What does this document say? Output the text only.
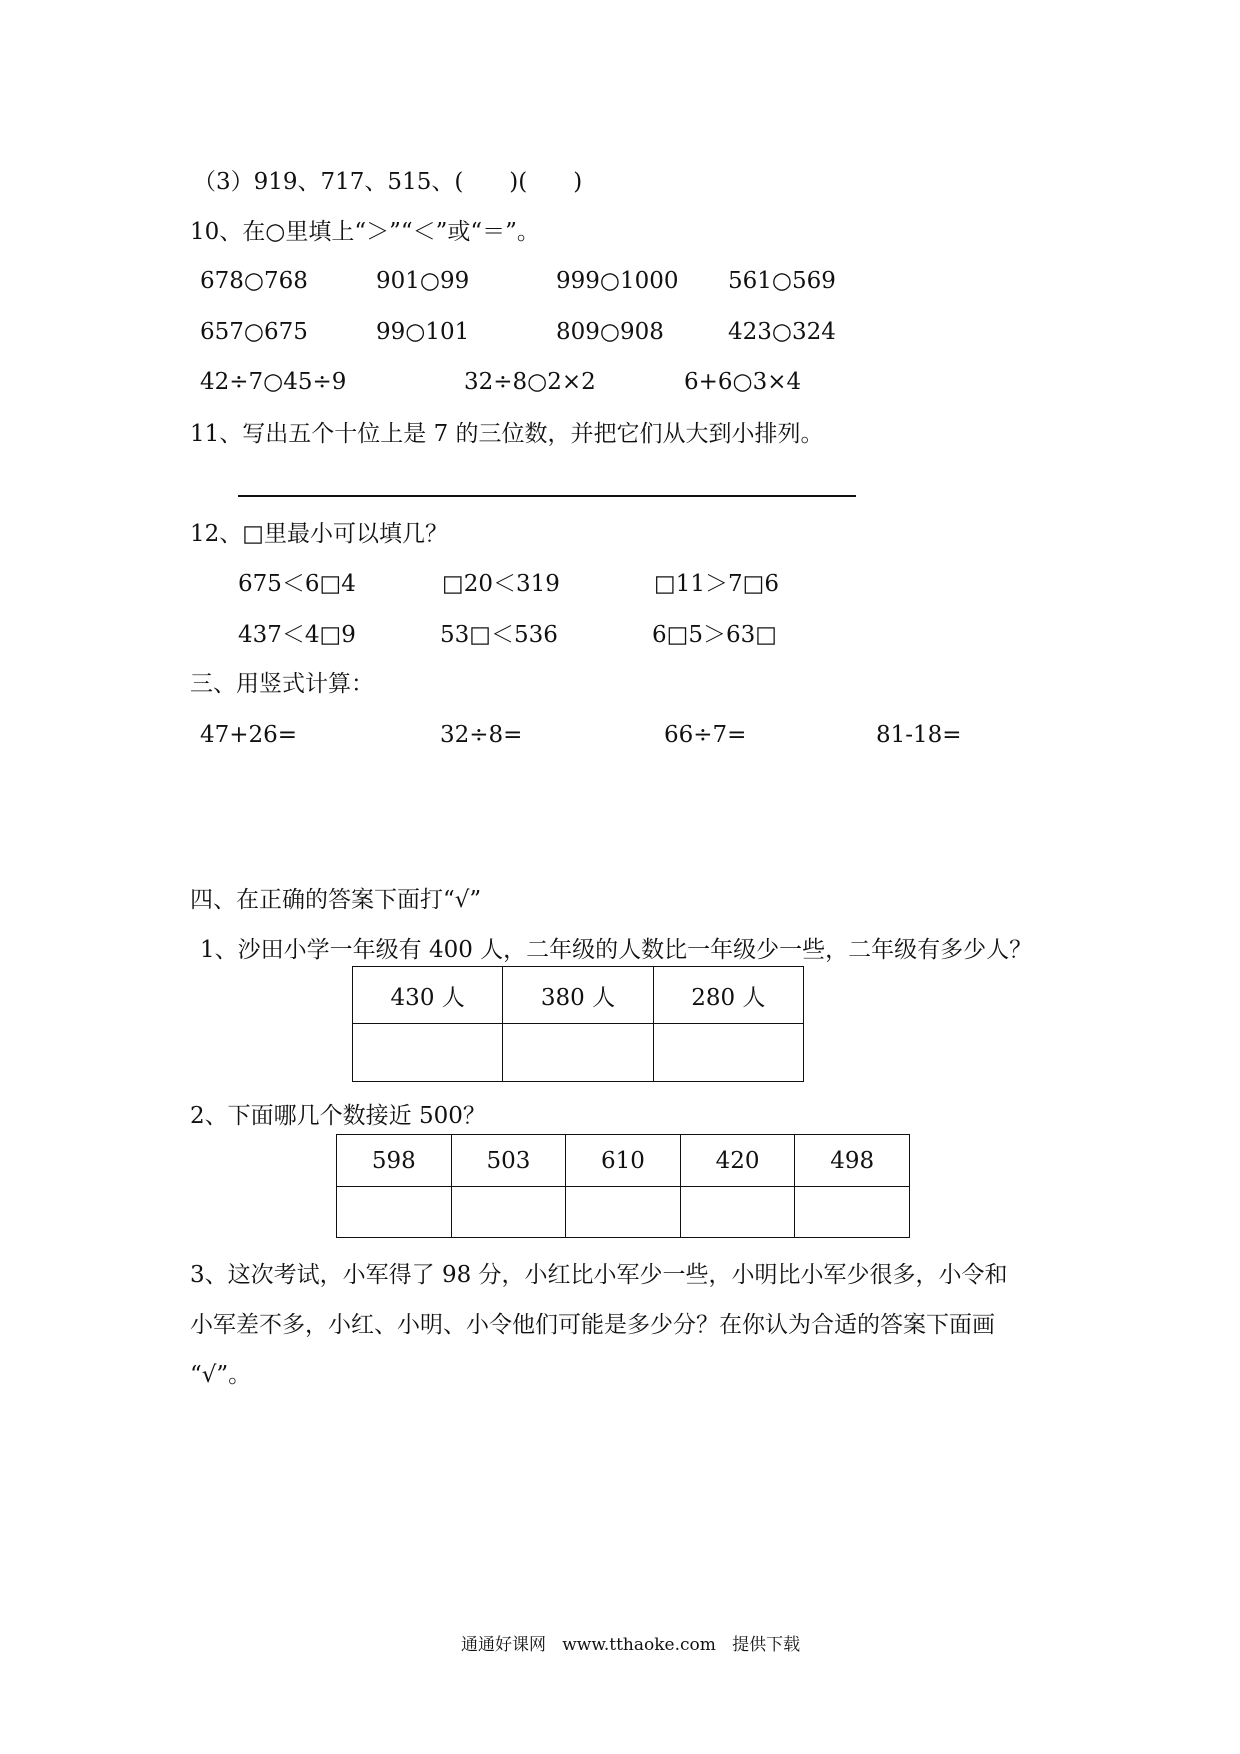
（3）919、717、515、(　　)(　　)
10、在○里填上“＞”“＜”或“＝”。
678○768	901○99	999○1000 561○569
657○675	99○101	809○908	423○324
42÷7○45÷9	32÷8○2×2	6+6○3×4
11、写出五个十位上是 7 的三位数，并把它们从大到小排列。
12、□里最小可以填几？
675＜6□4	□20＜319	□11＞7□6
437＜4□9	53□＜536	6□5＞63□
三、用竖式计算：
47+26=	32÷8=	66÷7=	81-18=
四、在正确的答案下面打“√”
1、沙田小学一年级有 400 人，二年级的人数比一年级少一些，二年级有多少人？
430 人	380 人	280 人

2、下面哪几个数接近 500？
598	503	610	420	498

3、这次考试，小军得了 98 分，小红比小军少一些，小明比小军少很多，小令和
小军差不多，小红、小明、小令他们可能是多少分？在你认为合适的答案下面画
“√”。
通通好课网   www.tthaoke.com   提供下载
